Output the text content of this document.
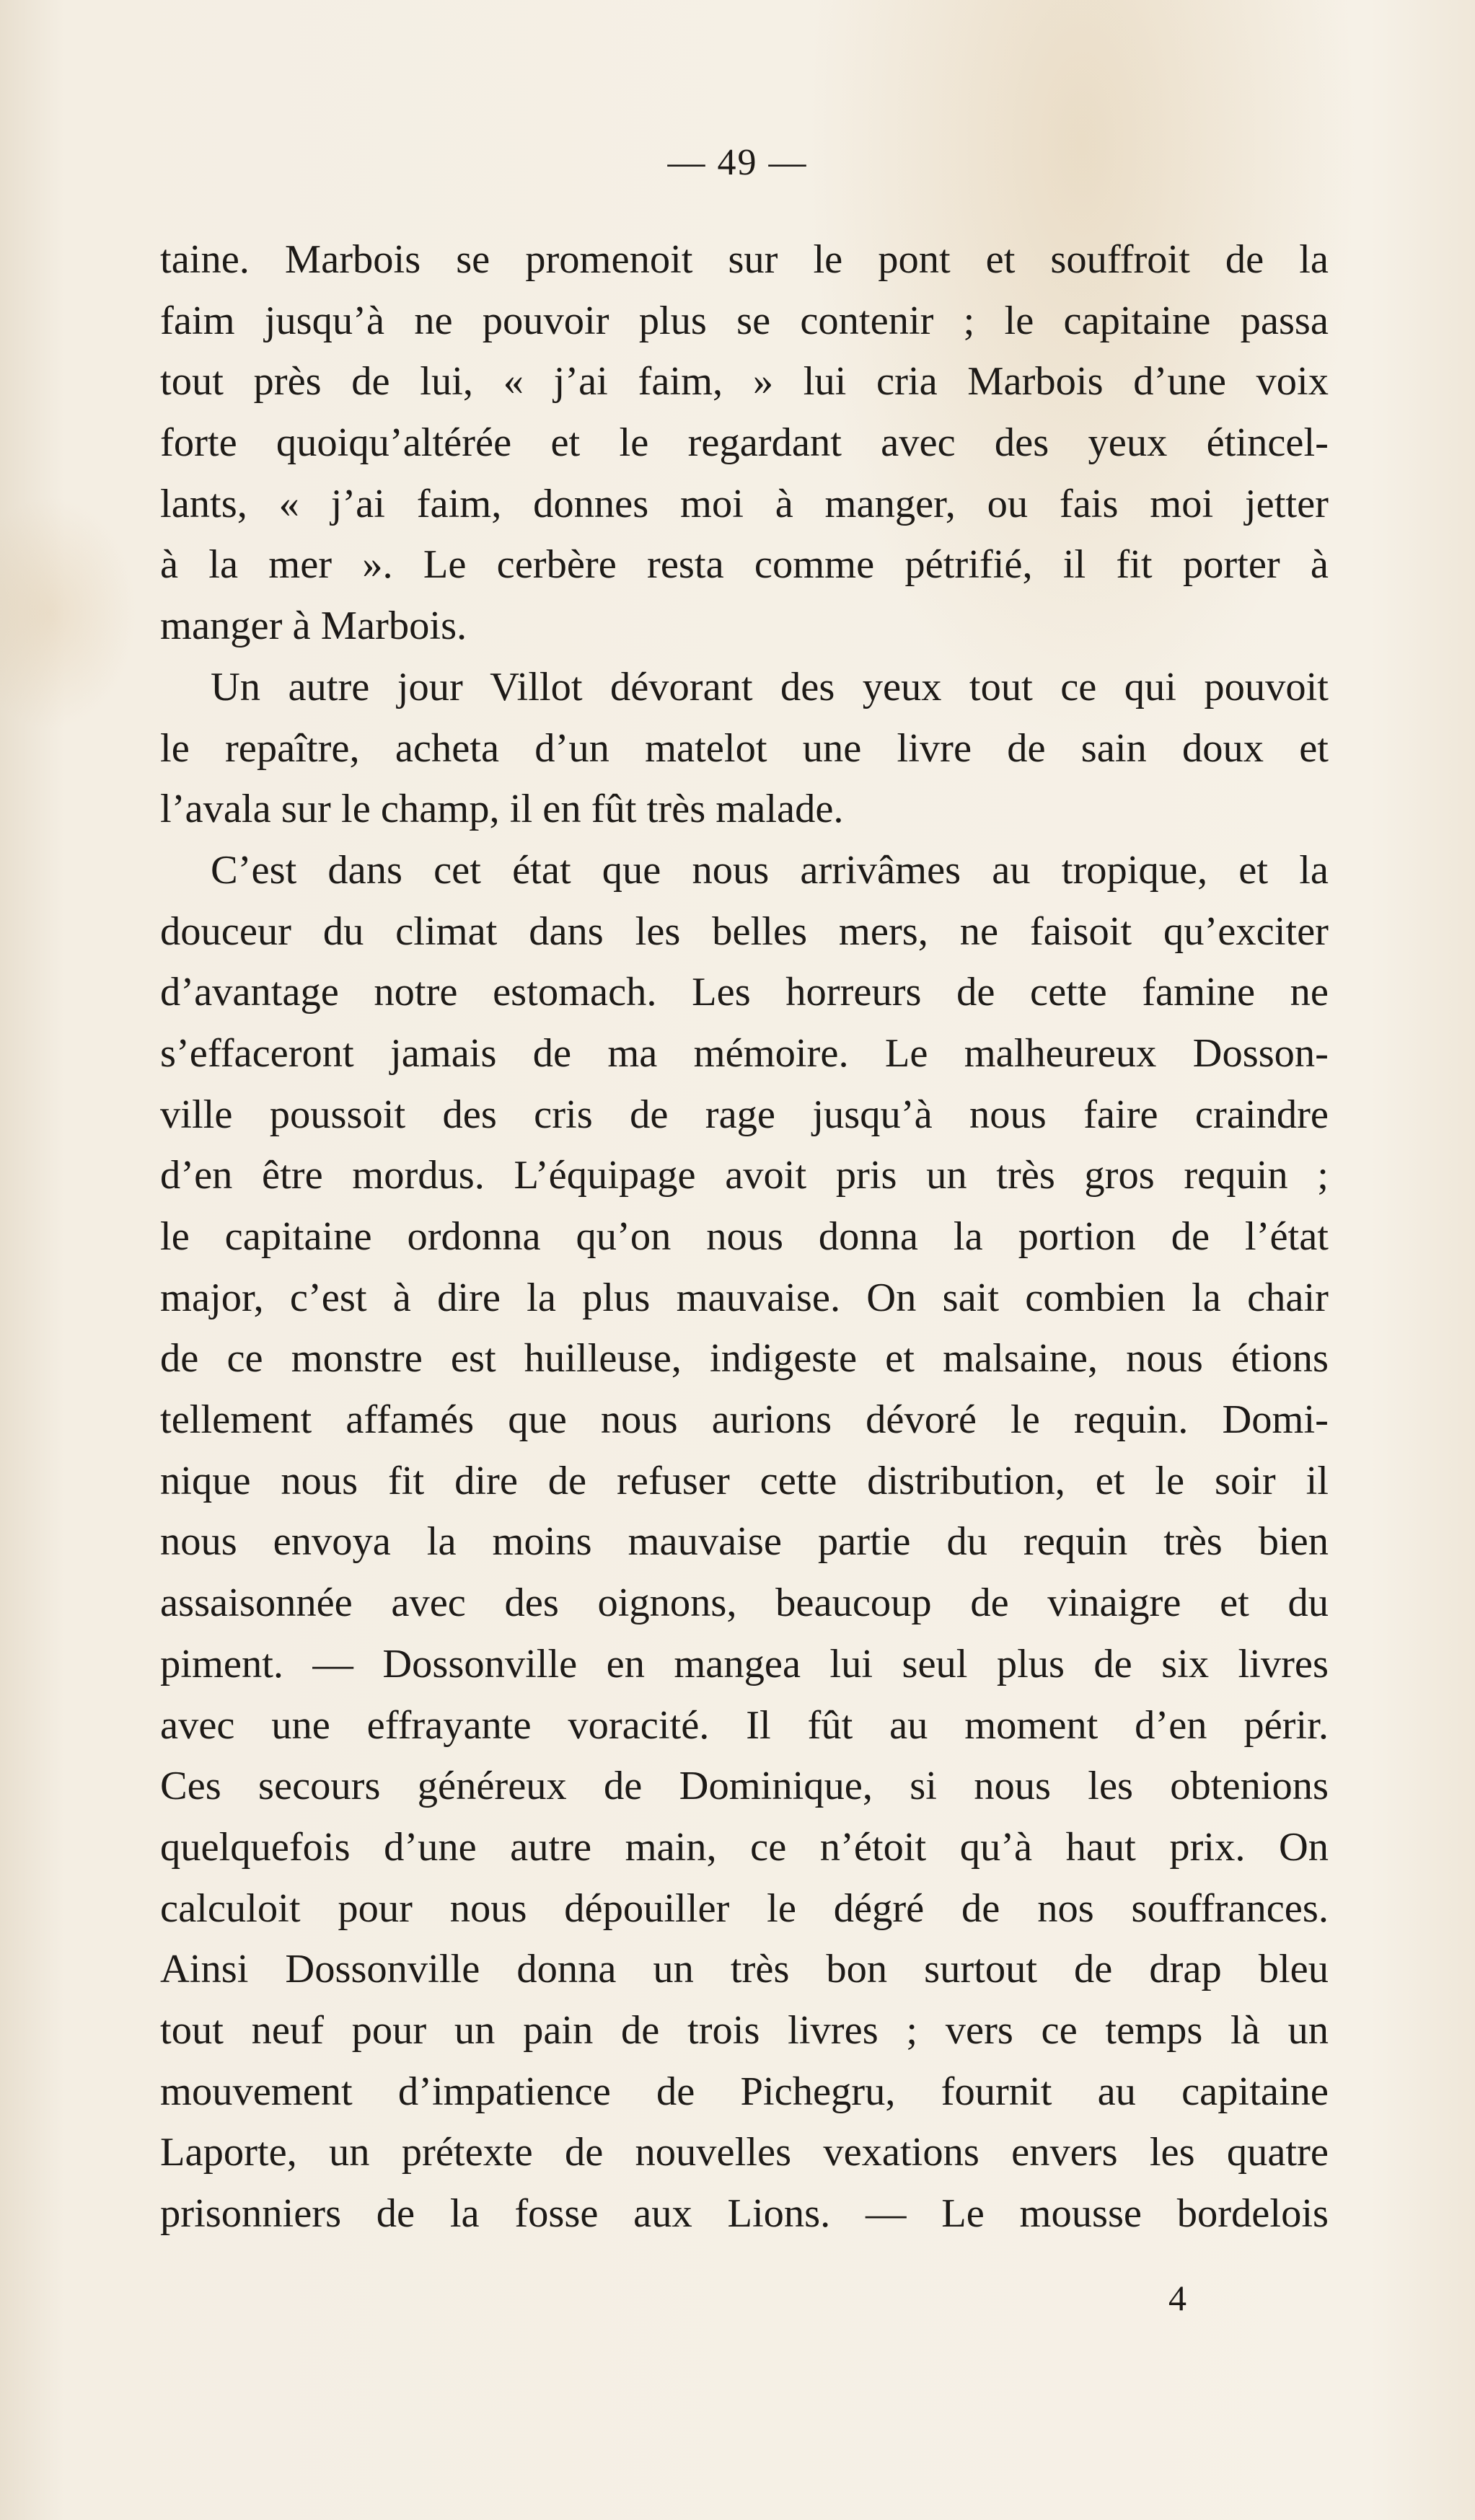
— 49 —
taine. Marbois se promenoit sur le pont et souffroit de la
faim jusqu’à ne pouvoir plus se contenir ; le capitaine passa
tout près de lui, « j’ai faim, » lui cria Marbois d’une voix
forte quoiqu’altérée et le regardant avec des yeux étincel-
lants, « j’ai faim, donnes moi à manger, ou fais moi jetter
à la mer ». Le cerbère resta comme pétrifié, il fit porter à
manger à Marbois.
Un autre jour Villot dévorant des yeux tout ce qui pouvoit
le repaître, acheta d’un matelot une livre de sain doux et
l’avala sur le champ, il en fût très malade.
C’est dans cet état que nous arrivâmes au tropique, et la
douceur du climat dans les belles mers, ne faisoit qu’exciter
d’avantage notre estomach. Les horreurs de cette famine ne
s’effaceront jamais de ma mémoire. Le malheureux Dosson-
ville poussoit des cris de rage jusqu’à nous faire craindre
d’en être mordus. L’équipage avoit pris un très gros requin ;
le capitaine ordonna qu’on nous donna la portion de l’état
major, c’est à dire la plus mauvaise. On sait combien la chair
de ce monstre est huilleuse, indigeste et malsaine, nous étions
tellement affamés que nous aurions dévoré le requin. Domi-
nique nous fit dire de refuser cette distribution, et le soir il
nous envoya la moins mauvaise partie du requin très bien
assaisonnée avec des oignons, beaucoup de vinaigre et du
piment. — Dossonville en mangea lui seul plus de six livres
avec une effrayante voracité. Il fût au moment d’en périr.
Ces secours généreux de Dominique, si nous les obtenions
quelquefois d’une autre main, ce n’étoit qu’à haut prix. On
calculoit pour nous dépouiller le dégré de nos souffrances.
Ainsi Dossonville donna un très bon surtout de drap bleu
tout neuf pour un pain de trois livres ; vers ce temps là un
mouvement d’impatience de Pichegru, fournit au capitaine
Laporte, un prétexte de nouvelles vexations envers les quatre
prisonniers de la fosse aux Lions. — Le mousse bordelois
4
